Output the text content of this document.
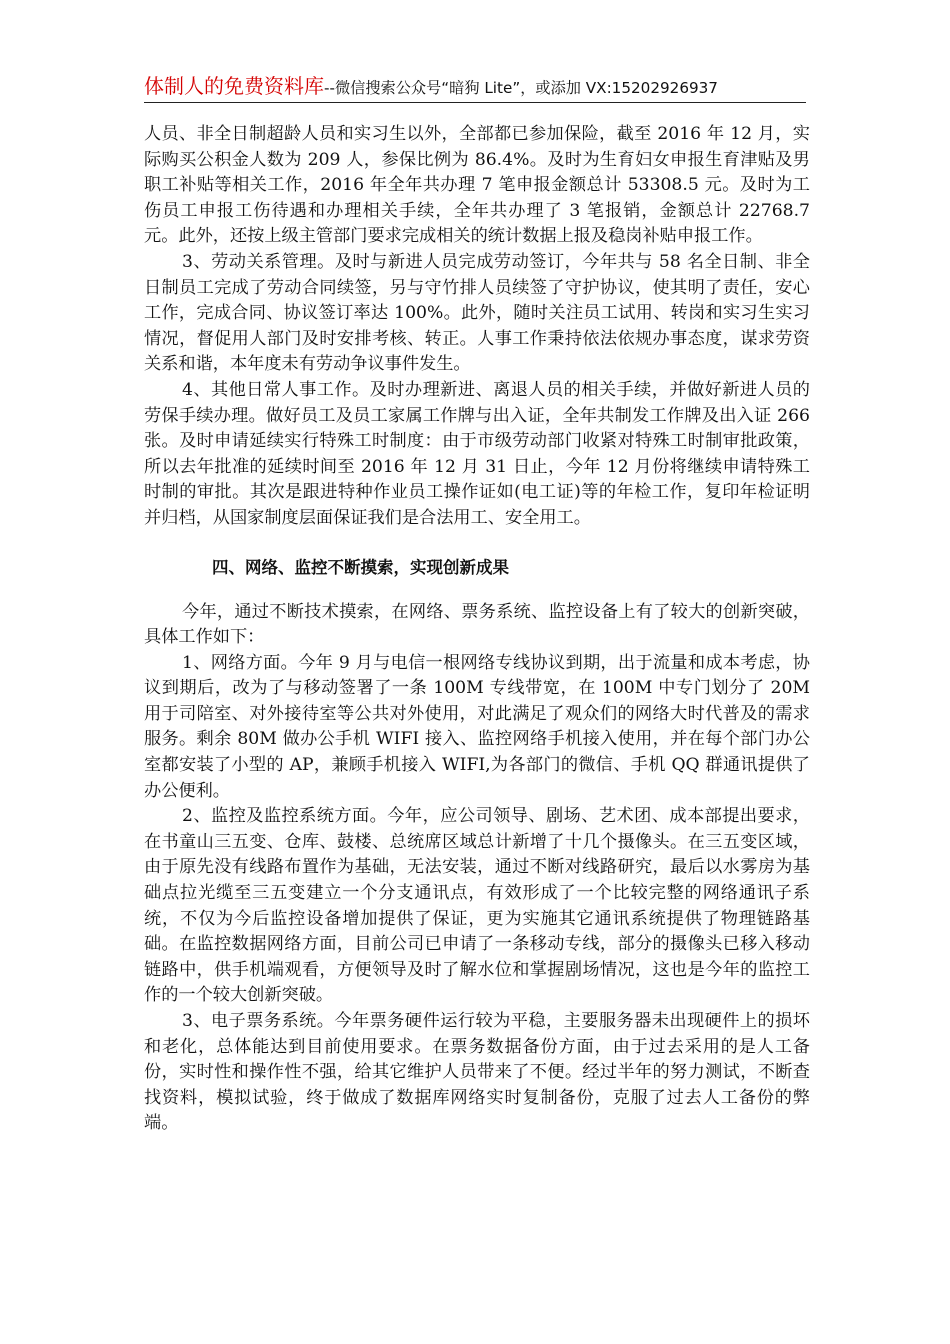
体制人的免费资料库--微信搜索公众号“暗狗 Lite”，或添加 VX:15202926937

人员、非全日制超龄人员和实习生以外，全部都已参加保险，截至 2016 年 12 月，实际购买公积金人数为 209 人，参保比例为 86.4%。及时为生育妇女申报生育津贴及男职工补贴等相关工作，2016 年全年共办理 7 笔申报金额总计 53308.5 元。及时为工伤员工申报工伤待遇和办理相关手续，全年共办理了 3 笔报销，金额总计 22768.7 元。此外，还按上级主管部门要求完成相关的统计数据上报及稳岗补贴申报工作。

3、劳动关系管理。及时与新进人员完成劳动签订，今年共与 58 名全日制、非全日制员工完成了劳动合同续签，另与守竹排人员续签了守护协议，使其明了责任，安心工作，完成合同、协议签订率达 100%。此外，随时关注员工试用、转岗和实习生实习情况，督促用人部门及时安排考核、转正。人事工作秉持依法依规办事态度，谋求劳资关系和谐，本年度未有劳动争议事件发生。

4、其他日常人事工作。及时办理新进、离退人员的相关手续，并做好新进人员的劳保手续办理。做好员工及员工家属工作牌与出入证，全年共制发工作牌及出入证 266 张。及时申请延续实行特殊工时制度：由于市级劳动部门收紧对特殊工时制审批政策，所以去年批准的延续时间至 2016 年 12 月 31 日止，今年 12 月份将继续申请特殊工时制的审批。其次是跟进特种作业员工操作证如(电工证)等的年检工作，复印年检证明并归档，从国家制度层面保证我们是合法用工、安全用工。

四、网络、监控不断摸索，实现创新成果

今年，通过不断技术摸索，在网络、票务系统、监控设备上有了较大的创新突破，具体工作如下：

1、网络方面。今年 9 月与电信一根网络专线协议到期，出于流量和成本考虑，协议到期后，改为了与移动签署了一条 100M 专线带宽，在 100M 中专门划分了 20M 用于司陪室、对外接待室等公共对外使用，对此满足了观众们的网络大时代普及的需求服务。剩余 80M 做办公手机 WIFI 接入、监控网络手机接入使用，并在每个部门办公室都安装了小型的 AP，兼顾手机接入 WIFI,为各部门的微信、手机 QQ 群通讯提供了办公便利。

2、监控及监控系统方面。今年，应公司领导、剧场、艺术团、成本部提出要求，在书童山三五变、仓库、鼓楼、总统席区域总计新增了十几个摄像头。在三五变区域，由于原先没有线路布置作为基础，无法安装，通过不断对线路研究，最后以水雾房为基础点拉光缆至三五变建立一个分支通讯点，有效形成了一个比较完整的网络通讯子系统，不仅为今后监控设备增加提供了保证，更为实施其它通讯系统提供了物理链路基础。在监控数据网络方面，目前公司已申请了一条移动专线，部分的摄像头已移入移动链路中，供手机端观看，方便领导及时了解水位和掌握剧场情况，这也是今年的监控工作的一个较大创新突破。

3、电子票务系统。今年票务硬件运行较为平稳，主要服务器未出现硬件上的损坏和老化，总体能达到目前使用要求。在票务数据备份方面，由于过去采用的是人工备份，实时性和操作性不强，给其它维护人员带来了不便。经过半年的努力测试，不断查找资料，模拟试验，终于做成了数据库网络实时复制备份，克服了过去人工备份的弊端。
